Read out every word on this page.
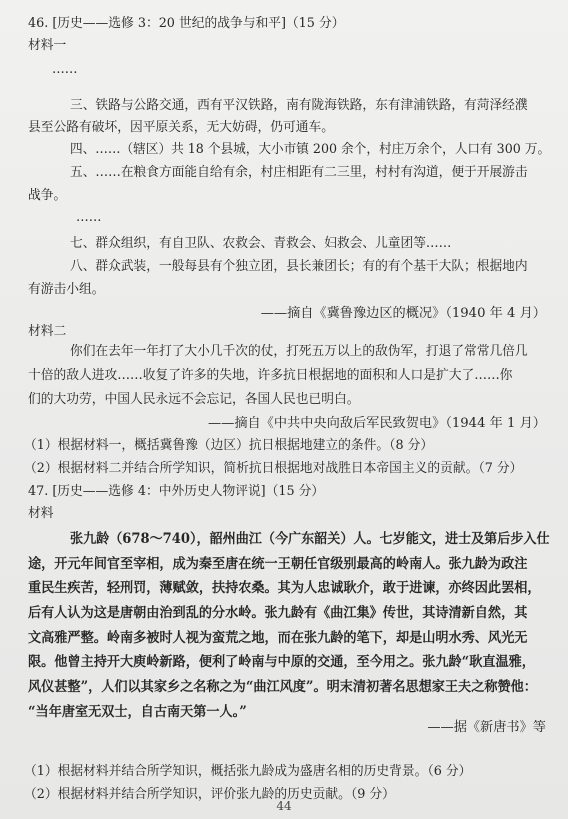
46. [历史——选修 3：20 世纪的战争与和平]（15 分）
材料一
……
三、铁路与公路交通，西有平汉铁路，南有陇海铁路，东有津浦铁路，有菏泽经濮
县至公路有破坏，因平原关系，无大妨碍，仍可通车。
四、……（辖区）共 18 个县城，大小市镇 200 余个，村庄万余个，人口有 300 万。
五、……在粮食方面能自给有余，村庄相距有二三里，村村有沟道，便于开展游击
战争。
……
七、群众组织，有自卫队、农救会、青救会、妇救会、儿童团等……
八、群众武装，一般每县有个独立团，县长兼团长；有的有个基干大队；根据地内
有游击小组。
——摘自《冀鲁豫边区的概况》（1940 年 4 月）
材料二
你们在去年一年打了大小几千次的仗，打死五万以上的敌伪军，打退了常常几倍几
十倍的敌人进攻……收复了许多的失地，许多抗日根据地的面积和人口是扩大了……你
们的大功劳，中国人民永远不会忘记，各国人民也已明白。
——摘自《中共中央向敌后军民致贺电》（1944 年 1 月）
（1）根据材料一，概括冀鲁豫（边区）抗日根据地建立的条件。（8 分）
（2）根据材料二并结合所学知识，简析抗日根据地对战胜日本帝国主义的贡献。（7 分）
47. [历史——选修 4：中外历史人物评说]（15 分）
材料
张九龄（678～740），韶州曲江（今广东韶关）人。七岁能文，进士及第后步入仕
途，开元年间官至宰相，成为秦至唐在统一王朝任官级别最高的岭南人。张九龄为政注
重民生疾苦，轻刑罚，薄赋敛，扶持农桑。其为人忠诚耿介，敢于进谏，亦终因此罢相，
后有人认为这是唐朝由治到乱的分水岭。张九龄有《曲江集》传世，其诗清新自然，其
文高雅严整。岭南多被时人视为蛮荒之地，而在张九龄的笔下，却是山明水秀、风光无
限。他曾主持开大庾岭新路，便利了岭南与中原的交通，至今用之。张九龄“耿直温雅，
风仪甚整”，人们以其家乡之名称之为“曲江风度”。明末清初著名思想家王夫之称赞他：
“当年唐室无双士，自古南天第一人。”
——据《新唐书》等
（1）根据材料并结合所学知识，概括张九龄成为盛唐名相的历史背景。（6 分）
（2）根据材料并结合所学知识，评价张九龄的历史贡献。（9 分）
44
